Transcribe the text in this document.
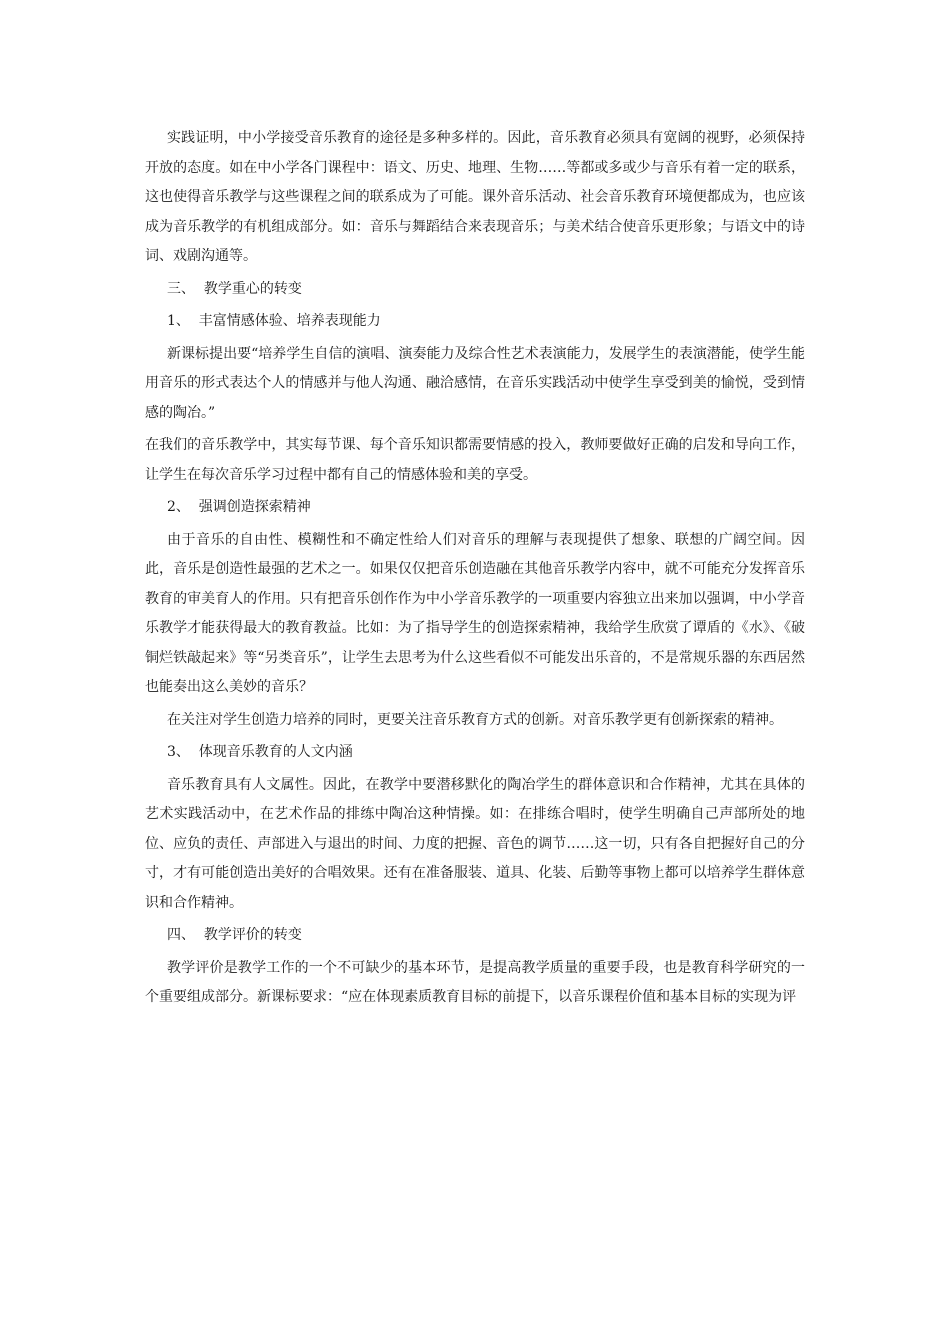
实践证明，中小学接受音乐教育的途径是多种多样的。因此，音乐教育必须具有宽阔的视野，必须保持开放的态度。如在中小学各门课程中：语文、历史、地理、生物……等都或多或少与音乐有着一定的联系，这也使得音乐教学与这些课程之间的联系成为了可能。课外音乐活动、社会音乐教育环境便都成为，也应该成为音乐教学的有机组成部分。如：音乐与舞蹈结合来表现音乐；与美术结合使音乐更形象；与语文中的诗词、戏剧沟通等。

三、  教学重心的转变

1、  丰富情感体验、培养表现能力

新课标提出要“培养学生自信的演唱、演奏能力及综合性艺术表演能力，发展学生的表演潜能，使学生能用音乐的形式表达个人的情感并与他人沟通、融洽感情，在音乐实践活动中使学生享受到美的愉悦，受到情感的陶冶。”

在我们的音乐教学中，其实每节课、每个音乐知识都需要情感的投入，教师要做好正确的启发和导向工作，让学生在每次音乐学习过程中都有自己的情感体验和美的享受。

2、  强调创造探索精神

由于音乐的自由性、模糊性和不确定性给人们对音乐的理解与表现提供了想象、联想的广阔空间。因此，音乐是创造性最强的艺术之一。如果仅仅把音乐创造融在其他音乐教学内容中，就不可能充分发挥音乐教育的审美育人的作用。只有把音乐创作作为中小学音乐教学的一项重要内容独立出来加以强调，中小学音乐教学才能获得最大的教育教益。比如：为了指导学生的创造探索精神，我给学生欣赏了谭盾的《水》、《破铜烂铁敲起来》等“另类音乐”，让学生去思考为什么这些看似不可能发出乐音的，不是常规乐器的东西居然也能奏出这么美妙的音乐？

在关注对学生创造力培养的同时，更要关注音乐教育方式的创新。对音乐教学更有创新探索的精神。

3、  体现音乐教育的人文内涵

音乐教育具有人文属性。因此，在教学中要潜移默化的陶冶学生的群体意识和合作精神，尤其在具体的艺术实践活动中，在艺术作品的排练中陶冶这种情操。如：在排练合唱时，使学生明确自己声部所处的地位、应负的责任、声部进入与退出的时间、力度的把握、音色的调节……这一切，只有各自把握好自己的分寸，才有可能创造出美好的合唱效果。还有在准备服装、道具、化装、后勤等事物上都可以培养学生群体意识和合作精神。

四、  教学评价的转变

教学评价是教学工作的一个不可缺少的基本环节，是提高教学质量的重要手段，也是教育科学研究的一个重要组成部分。新课标要求：“应在体现素质教育目标的前提下，以音乐课程价值和基本目标的实现为评
